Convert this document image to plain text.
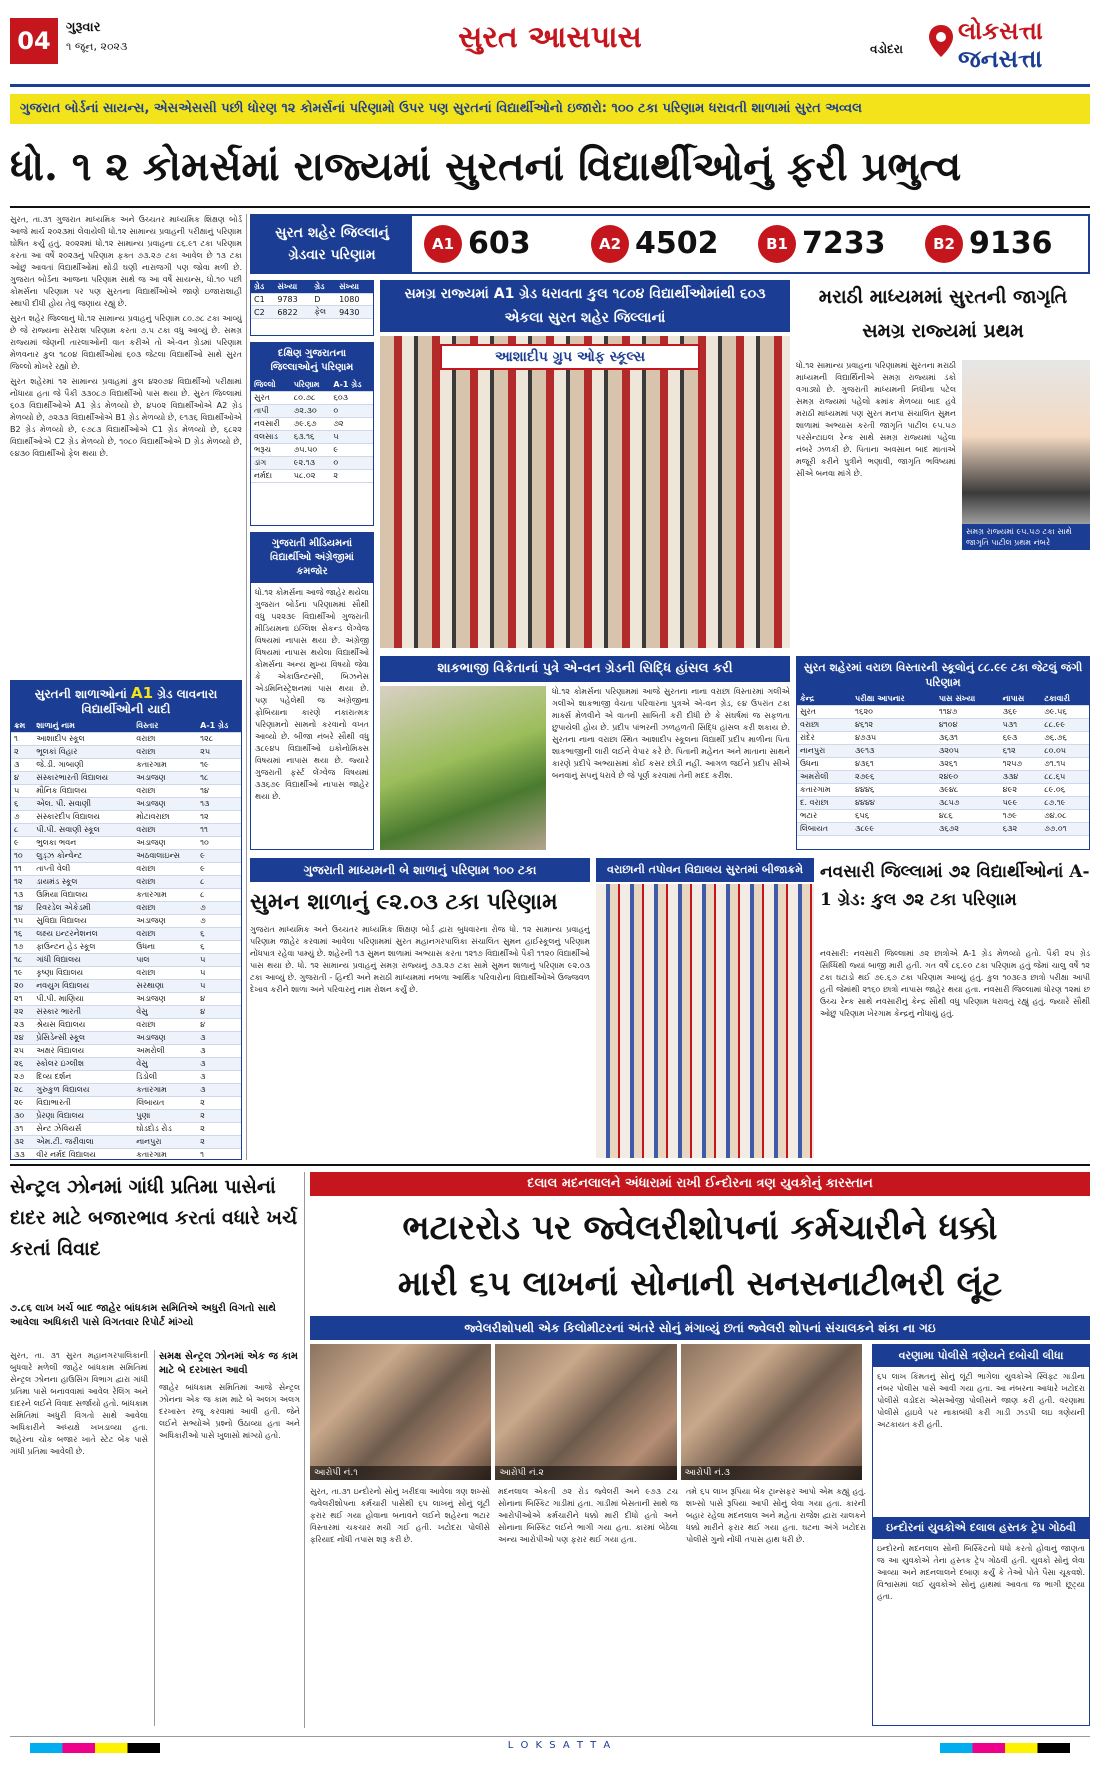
04	ગુરૂવાર
૧ જૂન, ૨૦૨૩	સુરત આસપાસ	વડોદરા
લોકસત્તા
જનસત્તા
ગુજરાત બોર્ડનાં સાયન્સ, એસએસસી પછી ધોરણ ૧૨ કોમર્સનાં પરિણામો ઉપર પણ સુરતનાં વિદ્યાર્થીઓનો ઇજારો: ૧૦૦ ટકા પરિણામ ધરાવતી શાળામાં સુરત અવ્વલ
ધો. ૧ ૨ કોમર્સમાં રાજ્યમાં સુરતનાં વિદ્યાર્થીઓનું ફરી પ્રભુત્વ

સુરત, તા.૩૧ ગુજરાત માધ્યમિક અને ઉચ્ચતર માધ્યમિક શિક્ષણ બોર્ડ આજે માર્ચ ૨૦૨૩માં લેવાયેલી ધો.૧૨ સામાન્ય પ્રવાહની પરીક્ષાનું પરિણામ ઘોષિત કર્યું હતું. ૨૦૨૨માં ધો.૧૨ સામાન્ય પ્રવાહના ૮૬.૯૧ ટકા પરિણામ કરતા આ વર્ષે ૨૦૨૩નું પરિણામ ફક્ત ૭૩.૨૭ ટકા આવેલ છે ૧૩ ટકા ઓછું આવતાં વિદ્યાર્થીઓમાં થોડી ઘણી નારાજગી પણ જોવા મળી છે. ગુજરાત બોર્ડના આજના પરિણામ સાથે જ આ વર્ષે સાયન્સ, ધો.૧૦ પછી કોમર્સના પરિણામ પર પણ સુરતના વિદ્યાર્થીઓએ જાણે ઇજારાશાહી સ્થાપી દીધી હોય તેવું જણાય રહ્યું છે.

સુરત શહેર જિલ્લાનું ધો.૧૨ સામાન્ય પ્રવાહનું પરિણામ ૮૦.૭૮ ટકા આવ્યું છે જે રાજ્યના સરેરાશ પરિણામ કરતા ૭.૫ ટકા વધુ આવ્યું છે. સમગ્ર રાજ્યમાં જેણની તારલાઓની વાત કરીએ તો એ-વન ગ્રેડમાં પરિણામ મેળવનાર કુલ ૧૮૦૪ વિદ્યાર્થીઓમાં ૬૦૩ જેટલા વિદ્યાર્થીઓ સાથે સુરત જિલ્લો મોખરે રહ્યો છે.

સુરત શહેરમાં ૧૨ સામાન્ય પ્રવાહમાં કુલ ૪૨૦૭૪ વિદ્યાર્થીઓ પરીક્ષામાં નોંધાયા હતા જે પૈકી ૩૩૦૮૭ વિદ્યાર્થીઓ પાસ થયા છે. સુરત જિલ્લામાં ૬૦૩ વિદ્યાર્થીઓએ A1 ગ્રેડ મેળવ્યો છે, ૪૫૦૨ વિદ્યાર્થીઓએ A2 ગ્રેડ મેળવ્યો છે, ૭૨૩૩ વિદ્યાર્થીઓએ B1 ગ્રેડ મેળવ્યો છે, ૯૧૩૬ વિદ્યાર્થીઓએ B2 ગ્રેડ મેળવ્યો છે, ૯૭૮૩ વિદ્યાર્થીઓએ C1 ગ્રેડ મેળવ્યો છે, ૬૮૨૨ વિદ્યાર્થીઓએ C2 ગ્રેડ મેળવ્યો છે, ૧૦૮૦ વિદ્યાર્થીઓએ D ગ્રેડ મેળવ્યો છે, ૯૪૩૦ વિદ્યાર્થીઓ ફેલ થયા છે.

સુરતની શાળાઓનાં A1 ગ્રેડ લાવનારા વિદ્યાર્થીઓની યાદી
ક્રમ	શાળાનું નામ	વિસ્તાર	A-1 ગ્રેડ
૧	આશાદીપ સ્કૂલ	વરાછા	૧૨૮
૨	ભૂલકાં વિહાર	વરાછા	૨૫
૩	જે.ડી. ગાબાણી	કતારગામ	૧૯
૪	સંસ્કારભારતી વિદ્યાલય	અડાજણ	૧૮
૫	મૌનિક વિદ્યાલય	વરાછા	૧૪
૬	એલ. પી. સવાણી	અડાજણ	૧૩
૭	સંસ્કારદીપ વિદ્યાલય	મોટાવરાછા	૧૨
૮	પી.પી. સવાણી સ્કૂલ	વરાછા	૧૧
૯	ભુલકા ભવન	અડાજણ	૧૦
૧૦	લુડ્ઝ કોન્વેન્ટ	અઠવાલાઇન્સ	૯
૧૧	તાપ્તી વેલી	વરાછા	૯
૧૨	ડાયમંડ સ્કૂલ	વરાછા	૮
૧૩	ઉમિયા વિદ્યાલય	કતારગામ	૮
૧૪	રિવરડેલ એકેડમી	વરાછા	૭
૧૫	સુવિદ્યા વિદ્યાલય	અડાજણ	૭
૧૬	લક્ષ્ય ઇન્ટરનેશનલ	વરાછા	૬
૧૭	ફાઉન્ટન હેડ સ્કૂલ	ઉધના	૬
૧૮	ગાંધી વિદ્યાલય	પાલ	૫
૧૯	કૃષ્ણા વિદ્યાલય	વરાછા	૫
૨૦	નવયુગ વિદ્યાલય	સરથાણા	૫
૨૧	પી.પી. માણિયા	અડાજણ	૪
૨૨	સંસ્કાર ભારતી	વેસુ	૪
૨૩	શ્રેયસ વિદ્યાલય	વરાછા	૪
૨૪	પ્રેસિડેન્સી સ્કૂલ	અડાજણ	૩
૨૫	અક્ષર વિદ્યાલય	અમરોલી	૩
૨૬	સ્કોલર ઇંગ્લીશ	વેસુ	૩
૨૭	દિવ્ય દર્શન	ડિંડોલી	૩
૨૮	ગુરુકુળ વિદ્યાલય	કતારગામ	૩
૨૯	વિદ્યાભારતી	લિંબાયત	૨
૩૦	પ્રેરણા વિદ્યાલય	પુણા	૨
૩૧	સેન્ટ ઝેવિયર્સ	ઘોડદોડ રોડ	૨
૩૨	એમ.ટી. જરીવાલા	નાનપુરા	૨
૩૩	વીર નર્મદ વિદ્યાલય	કતારગામ	૧
સુરત શહેર જિલ્લાનું ગ્રેડવાર પરિણામ
A1 603	A2 4502	B1 7233	B2 9136
ગ્રેડ	સંખ્યા	ગ્રેડ	સંખ્યા
C1	9783	D	1080
C2	6822	ફેલ	9430
દક્ષિણ ગુજરાતના જિલ્લાઓનું પરિણામ
જિલ્લો	પરિણામ	A-1 ગ્રેડ
સુરત	૮૦.૭૮	૬૦૩
તાપી	૭૨.૩૦	૦
નવસારી	૭૯.૬૭	૭૨
વલસાડ	૬૩.૧૬	૫
ભરૂચ	૭૫.૫૦	૯
ડાંગ	૯૨.૧૩	૦
નર્મદા	૫૮.૦૨	૨
ગુજરાતી મીડિયમનાં વિદ્યાર્થીઓ અંગ્રેજીમાં કમજોર
ધો.૧૨ કોમર્સના આજે જાહેર થયેલા ગુજરાત બોર્ડના પરિણામમાં સૌથી વધુ ૫૨૨૩૯ વિદ્યાર્થીઓ ગુજરાતી મીડિયમના ઇંગ્લિશ સેકન્ડ લેંગ્વેજ વિષયમાં નાપાસ થયા છે. અંગ્રેજી વિષયમાં નાપાસ થયેલા વિદ્યાર્થીઓ કોમર્સના અન્ય મુખ્ય વિષયો જેવા કે એકાઉન્ટન્સી, બિઝનેસ એડમિનિસ્ટ્રેશનમાં પાસ થયા છે. પણ પહેલેથી જ અંગ્રેજીના ફોબિયાના કારણે નકારાત્મક પરિણામનો સામનો કરવાનો વખત આવ્યો છે. બીજા નંબરે સૌથી વધુ ૩૮૯૪૫ વિદ્યાર્થીઓ ઇકોનોમિક્સ વિષયમાં નાપાસ થયા છે. જ્યારે ગુજરાતી ફર્સ્ટ લેંગ્વેજ વિષયમાં ૩૩૬૭૯ વિદ્યાર્થીઓ નાપાસ જાહેર થયા છે.
સમગ્ર રાજ્યમાં A1 ગ્રેડ ધરાવતા કુલ ૧૮૦૪ વિદ્યાર્થીઓમાંથી ૬૦૩ એકલા સુરત શહેર જિલ્લાનાં
આશાદીપ ગ્રુપ ઓફ સ્કૂલ્સ
મરાઠી માધ્યમમાં સુરતની જાગૃતિ સમગ્ર રાજ્યમાં પ્રથમ
ધો.૧૨ સામાન્ય પ્રવાહના પરિણામમાં સુરતના મરાઠી માધ્યમની વિદ્યાર્થિનીએ સમગ્ર રાજ્યમાં ડંકો વગાડ્યો છે. ગુજરાતી માધ્યમની નિધીના પટેલ સમગ્ર રાજ્યમાં પહેલો ક્રમાંક મેળવ્યા બાદ હવે મરાઠી માધ્યમમાં પણ સુરત મનપા સંચાલિત સુમન શાળામાં અભ્યાસ કરતી જાગૃતિ પાટીલ ૯૫.૫૭ પરસેન્ટાઇલ રેન્ક સાથે સમગ્ર રાજ્યમાં પહેલા નંબરે ઝળકી છે. પિતાના અવસાન બાદ માતાએ મજૂરી કરીને પુત્રીને ભણાવી, જાગૃતિ ભવિષ્યમાં સીએ બનવા માંગે છે.
સમગ્ર રાજ્યમાં ૯૫.૫૭ ટકા સાથે જાગૃતિ પાટીલ પ્રથમ નંબરે
શાકભાજી વિક્રેતાનાં પુત્રે એ-વન ગ્રેડની સિદ્ધિ હાંસલ કરી
ધો.૧૨ કોમર્સના પરિણામમાં આજે સુરતના નાના વરાછા વિસ્તારમાં ગલીએ ગલીએ શાકભાજી વેચતા પરિવારના પુત્રએ એ-વન ગ્રેડ, ૯૪ ઉપરાંત ટકા માર્ક્સ મેળવીને એ વાતની સાબિતી કરી દીધી છે કે સંઘર્ષમાં જ સફળતા છુપાયેલી હોય છે. પ્રદીપ પાંભરની ઝળહળતી સિદ્ધિ હાંસલ કરી શકાય છે. સુરતના નાના વરાછા સ્થિત આશાદીપ સ્કૂલના વિદ્યાર્થી પ્રદીપ માળીના પિતા શાકભાજીની લારી લઈને વેપાર કરે છે. પિતાની મહેનત અને માતાના સાથને કારણે પ્રદીપે અભ્યાસમાં કોઈ કસર છોડી નહીં. આગળ જઈને પ્રદીપ સીએ બનવાનું સપનું ધરાવે છે જે પૂર્ણ કરવામાં તેની મદદ કરીશ.
સુરત શહેરમાં વરાછા વિસ્તારની સ્કૂલોનું ૮૮.૯૯ ટકા જેટલું જંગી પરિણામ
કેન્દ્ર	પરીક્ષા આપનાર	પાસ સંખ્યા	નાપાસ	ટકાવારી
સુરત	૧૬૨૦	૧૧૪૭	૩૬૯	૭૯.૫૬
વરાછા	૪૬૧૨	૪૧૦૪	૫૩૧	૮૮.૯૯
રાંદેર	૪૭૩૫	૩૬૩૧	૬૯૩	૭૬.૭૬
નાનપુરા	૩૯૧૩	૩૨૦૫	૬૧૨	૮૦.૦૫
ઉધના	૪૩૬૧	૩૨૬૧	૧૨૫૭	૭૧.૧૫
અમરોલી	૨૭૯૬	૨૪૯૦	૩૩૪	૮૮.૬૫
કતારગામ	૪૪૪૬	૩૯૪૮	૪૯૨	૮૯.૦૬
દ. વરાછા	૪૪૪૪	૩૮૫૭	૫૯૯	૮૭.૧૯
ભટાર	૬૫૬	૪૮૬	૧૭૯	૭૪.૦૮
લિંબાયત	૩૮૯૯	૩૬૭૨	૬૩૨	૭૭.૦૧
ગુજરાતી માધ્યમની બે શાળાનું પરિણામ ૧૦૦ ટકા
સુમન શાળાનું ૯૨.૦૩ ટકા પરિણામ
ગુજરાત માધ્યમિક અને ઉચ્ચતર માધ્યમિક શિક્ષણ બોર્ડ દ્વારા બુધવારના રોજ ધો. ૧૨ સામાન્ય પ્રવાહનું પરિણામ જાહેર કરવામાં આવેલા પરિણામમાં સુરત મહાનગરપાલિકા સંચાલિત સુમન હાઈસ્કૂલનું પરિણામ નોંધપાત્ર રહેવા પામ્યું છે. શહેરની ૧૩ સુમન શાળામાં અભ્યાસ કરતા ૧૨૧૭ વિદ્યાર્થીઓ પૈકી ૧૧૨૦ વિદ્યાર્થીઓ પાસ થયા છે. ધો. ૧૨ સામાન્ય પ્રવાહનું સમગ્ર રાજ્યનું ૭૩.૨૭ ટકા સામે સુમન શાળાનું પરિણામ ૯૨.૦૩ ટકા આવ્યું છે. ગુજરાતી - હિન્દી અને મરાઠી માધ્યમમાં નબળા આર્થિક પરિવારોના વિદ્યાર્થીઓએ ઉજ્જવળ દેખાવ કરીને શાળા અને પરિવારનું નામ રોશન કર્યું છે.
વરાછાની તપોવન વિદ્યાલય સુરતમાં બીજાક્રમે	નવસારી જિલ્લામાં ૭૨ વિદ્યાર્થીઓનાં A-1 ગ્રેડ: કુલ ૭૨ ટકા પરિણામ
નવસારી: નવસારી જિલ્લામાં ૭૨ છાત્રોએ A-1 ગ્રેડ મેળવ્યો હતો. પૈકી ૨૫ ગ્રેડ સિધ્ધિથી જ્યાં બાજી મારી હતી. ગત વર્ષે ૮૬.૯૦ ટકા પરિણામ હતું જેમાં ચાલુ વર્ષે ૧૨ ટકા ઘટાડો થઈ ૭૯.૬૭ ટકા પરિણામ આવ્યું હતું. કુલ ૧૦૩૯૩ છાત્રો પરીક્ષા આપી હતી જેમાંથી ૨૧૬૦ છાત્રો નાપાસ જાહેર થયા હતા. નવસારી જિલ્લામાં ધોરણ ૧૨માં છ ઉચ્ચ રેન્ક સાથે નવસારીનું કેન્દ્ર સૌથી વધુ પરિણામ ધરાવતું રહ્યું હતું. જ્યારે સૌથી ઓછું પરિણામ ખેરગામ કેન્દ્રનું નોંધાયું હતું.
સેન્ટ્રલ ઝોનમાં ગાંધી પ્રતિમા પાસેનાં દાદર માટે બજારભાવ કરતાં વધારે ખર્ચ કરતાં વિવાદ
૭.૮૬ લાખ ખર્ચ બાદ જાહેર બાંધકામ સમિતિએ અધુરી વિગતો સાથે આવેલા અધિકારી પાસે વિગતવાર રિપોર્ટ માંગ્યો
સુરત, તા. ૩૧ સુરત મહાનગરપાલિકાની બુધવારે મળેલી જાહેર બાંધકામ સમિતિમાં સેન્ટ્રલ ઝોનના હાઉસિંગ વિભાગ દ્વારા ગાંધી પ્રતિમા પાસે બનાવવામાં આવેલ રેલિંગ અને દાદરને લઈને વિવાદ સર્જાયો હતો. બાંધકામ સમિતિમાં અધુરી વિગતો સાથે આવેલા અધિકારીને અધ્યક્ષે ખખડાવ્યા હતા. શહેરના ચોક બજાર ખાતે સ્ટેટ બેંક પાસે ગાંધી પ્રતિમા આવેલી છે.
સમક્ષ સેન્ટ્રલ ઝોનમાં એક જ કામ માટે બે દરખાસ્ત આવી
જાહેર બાંધકામ સમિતિમાં આજે સેન્ટ્રલ ઝોનના એક જ કામ માટે બે અલગ અલગ દરખાસ્ત રજૂ કરવામાં આવી હતી. જેને લઈને સભ્યોએ પ્રશ્નો ઉઠાવ્યા હતા અને અધિકારીઓ પાસે ખુલાસો માંગ્યો હતો.
દલાલ મદનલાલને અંધારામાં રાખી ઈન્દોરના ત્રણ યુવકોનું કારસ્તાન
ભટારરોડ પર જ્વેલરીશોપનાં કર્મચારીને ધક્કો
મારી ૬૫ લાખનાં સોનાની સનસનાટીભરી લૂંટ
જ્વેલરીશોપથી એક કિલોમીટરનાં અંતરે સોનું મંગાવ્યું છતાં જ્વેલરી શોપનાં સંચાલકને શંકા ના ગઇ
આરોપી નં.૧	આરોપી નં.૨	આરોપી નં.૩
સુરત, તા.૩૧ ઇન્દોરનો સોનું ખરીદવા આવેલા ત્રણ શખ્સો જ્વેલરીશોપના કર્મચારી પાસેથી ૬૫ લાખનું સોનું લૂંટી ફરાર થઈ ગયા હોવાના બનાવને લઈને શહેરના ભટાર વિસ્તારમાં ચકચાર મચી ગઈ હતી. ખટોદરા પોલીસે ફરિયાદ નોંધી તપાસ શરૂ કરી છે.
મદનલાલ એકતી ૭૨ રોડ જ્વેલરી અને ૯૭૩ ટચ સોનાના બિસ્કિટ ગાડીમાં હતા. ગાડીમાં બેસતાની સાથે જ આરોપીઓએ કર્મચારીને ધક્કો મારી દીધો હતો અને સોનાના બિસ્કિટ લઈને ભાગી ગયા હતા. કારમાં બેઠેલા અન્ય આરોપીઓ પણ ફરાર થઈ ગયા હતા.
તમે ૬૫ લાખ રૂપિયા બેંક ટ્રાન્સફર આપો એમ કહ્યું હતું. શખ્સો પાસે રૂપિયા આપી સોનું લેવા ગયા હતા. કારની બહાર રહેલા મદનલાલ અને મહેતા રાજેશ દ્વારા ચાલકને ધક્કો મારીને ફરાર થઈ ગયા હતા. ઘટના અંગે ખટોદરા પોલીસે ગુનો નોંધી તપાસ હાથ ધરી છે.
વરણામા પોલીસે ત્રણેયને દબોચી લીધા
૬૫ લાખ કિંમતનું સોનું લૂંટી ભાગેલા યુવકોએ સ્વિફ્ટ ગાડીના નંબર પોલીસ પાસે આવી ગયા હતા. આ નંબરના આધારે ખટોદરા પોલીસે વડોદરા એસઓજી પોલીસને જાણ કરી હતી. વરણામા પોલીસે હાઇવે પર નાકાબંધી કરી ગાડી ઝડપી લઇ ત્રણેયની અટકાયત કરી હતી.
ઇન્દોરનાં યુવકોએ દલાલ હસ્તક ટ્રેપ ગોઠવી
ઇન્દોરનો મદનલાલ સોની બિસ્કિટનો ધંધો કરતો હોવાનું જાણતા જ આ યુવકોએ તેના હસ્તક ટ્રેપ ગોઠવી હતી. યુવકો સોનું લેવા આવ્યા અને મદનલાલને દબાણ કર્યું કે તેઓ પોતે પૈસા ચૂકવશે. વિશ્વાસમાં લઈ યુવકોએ સોનું હાથમાં આવતા જ ભાગી છૂટ્યા હતા.
L O K S A T T A
